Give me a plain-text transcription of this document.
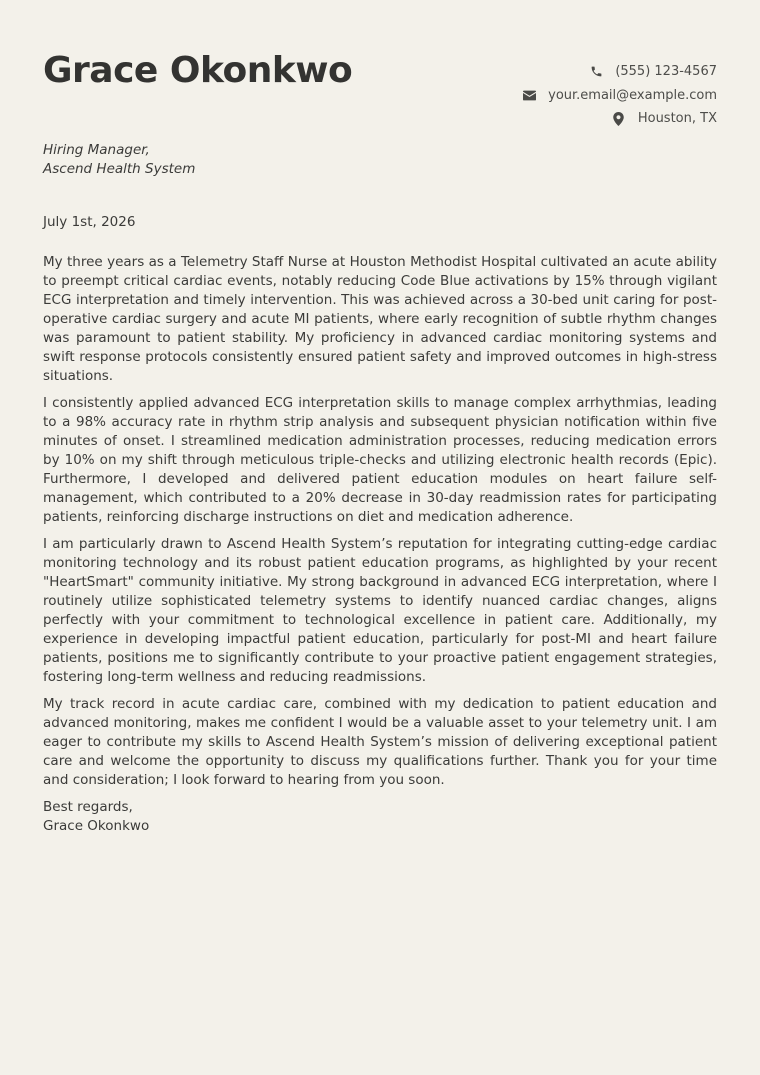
Grace Okonkwo	(555) 123-4567
your.email@example.com
Houston, TX
Hiring Manager,
Ascend Health System
July 1st, 2026

My three years as a Telemetry Staff Nurse at Houston Methodist Hospital cultivated an acute ability to preempt critical cardiac events, notably reducing Code Blue activations by 15% through vigilant ECG interpretation and timely intervention. This was achieved across a 30-bed unit caring for post-operative cardiac surgery and acute MI patients, where early recognition of subtle rhythm changes was paramount to patient stability. My proficiency in advanced cardiac monitoring systems and swift response protocols consistently ensured patient safety and improved outcomes in high-stress situations.

I consistently applied advanced ECG interpretation skills to manage complex arrhythmias, leading to a 98% accuracy rate in rhythm strip analysis and subsequent physician notification within five minutes of onset. I streamlined medication administration processes, reducing medication errors by 10% on my shift through meticulous triple-checks and utilizing electronic health records (Epic). Furthermore, I developed and delivered patient education modules on heart failure self-management, which contributed to a 20% decrease in 30-day readmission rates for participating patients, reinforcing discharge instructions on diet and medication adherence.

I am particularly drawn to Ascend Health System’s reputation for integrating cutting-edge cardiac monitoring technology and its robust patient education programs, as highlighted by your recent "HeartSmart" community initiative. My strong background in advanced ECG interpretation, where I routinely utilize sophisticated telemetry systems to identify nuanced cardiac changes, aligns perfectly with your commitment to technological excellence in patient care. Additionally, my experience in developing impactful patient education, particularly for post-MI and heart failure patients, positions me to significantly contribute to your proactive patient engagement strategies, fostering long-term wellness and reducing readmissions.

My track record in acute cardiac care, combined with my dedication to patient education and advanced monitoring, makes me confident I would be a valuable asset to your telemetry unit. I am eager to contribute my skills to Ascend Health System’s mission of delivering exceptional patient care and welcome the opportunity to discuss my qualifications further. Thank you for your time and consideration; I look forward to hearing from you soon.

Best regards,
Grace Okonkwo
